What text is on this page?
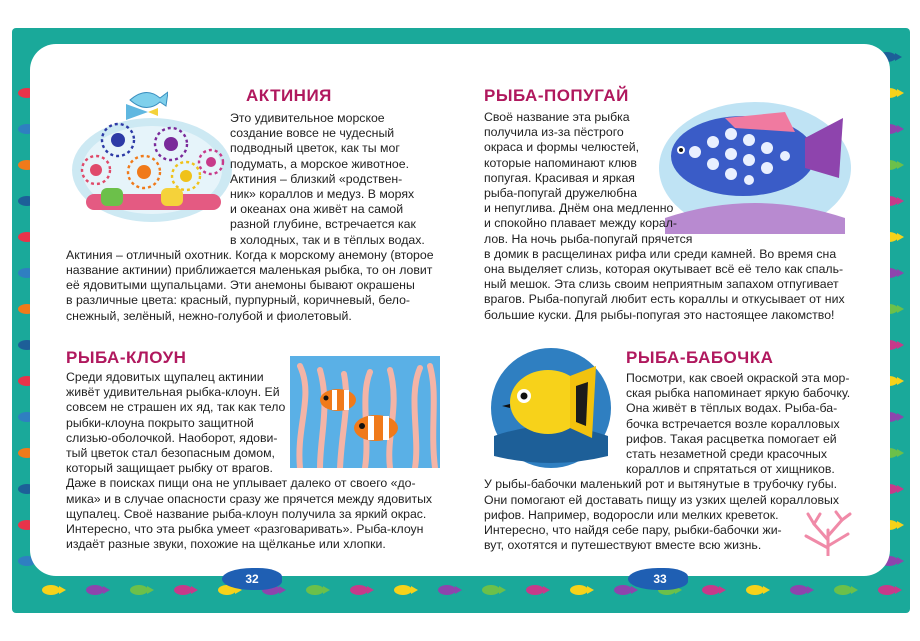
АКТИНИЯ
Это удивительное морское
создание вовсе не чудесный
подводный цветок, как ты мог
подумать, а морское животное.
Актиния – близкий «родствен-
ник» кораллов и медуз. В морях
и океанах она живёт на самой
разной глубине, встречается как
в холодных, так и в тёплых водах.
Актиния – отличный охотник. Когда к морскому анемону (второе
название актинии) приближается маленькая рыбка, то он ловит
её ядовитыми щупальцами. Эти анемоны бывают окрашены
в различные цвета: красный, пурпурный, коричневый, бело-
снежный, зелёный, нежно-голубой и фиолетовый.
РЫБА-ПОПУГАЙ
Своё название эта рыбка
получила из-за пёстрого
окраса и формы челюстей,
которые напоминают клюв
попугая. Красивая и яркая
рыба-попугай дружелюбна
и непуглива. Днём она медленно
и спокойно плавает между корал-
лов. На ночь рыба-попугай прячется
в домик в расщелинах рифа или среди камней. Во время сна
она выделяет слизь, которая окутывает всё её тело как спаль-
ный мешок. Эта слизь своим неприятным запахом отпугивает
врагов. Рыба-попугай любит есть кораллы и откусывает от них
большие куски. Для рыбы-попугая это настоящее лакомство!
РЫБА-КЛОУН
Среди ядовитых щупалец актинии
живёт удивительная рыбка-клоун. Ей
совсем не страшен их яд, так как тело
рыбки-клоуна покрыто защитной
слизью-оболочкой. Наоборот, ядови-
тый цветок стал безопасным домом,
который защищает рыбку от врагов.
Даже в поисках пищи она не уплывает далеко от своего «до-
мика» и в случае опасности сразу же прячется между ядовитых
щупалец. Своё название рыба-клоун получила за яркий окрас.
Интересно, что эта рыбка умеет «разговаривать». Рыба-клоун
издаёт разные звуки, похожие на щёлканье или хлопки.
РЫБА-БАБОЧКА
Посмотри, как своей окраской эта мор-
ская рыбка напоминает яркую бабочку.
Она живёт в тёплых водах. Рыба-ба-
бочка встречается возле коралловых
рифов. Такая расцветка помогает ей
стать незаметной среди красочных
кораллов и спрятаться от хищников.
У рыбы-бабочки маленький рот и вытянутые в трубочку губы.
Они помогают ей доставать пищу из узких щелей коралловых
рифов. Например, водоросли или мелких креветок.
Интересно, что найдя себе пару, рыбки-бабочки жи-
вут, охотятся и путешествуют вместе всю жизнь.
32	33
